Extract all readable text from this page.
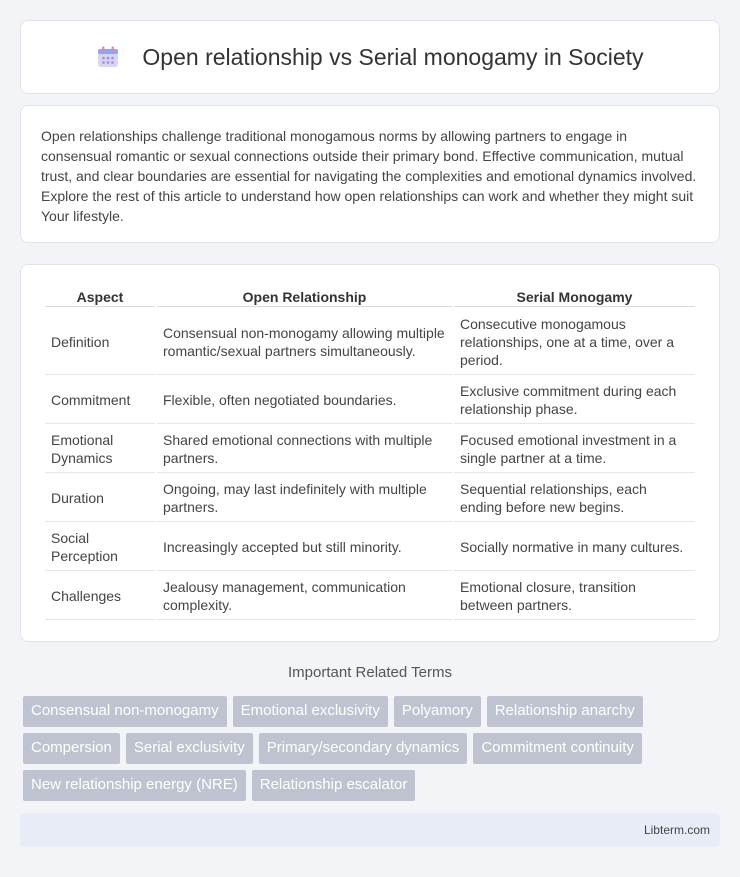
Open relationship vs Serial monogamy in Society

Open relationships challenge traditional monogamous norms by allowing partners to engage in consensual romantic or sexual connections outside their primary bond. Effective communication, mutual trust, and clear boundaries are essential for navigating the complexities and emotional dynamics involved. Explore the rest of this article to understand how open relationships can work and whether they might suit Your lifestyle.

Aspect	Open Relationship	Serial Monogamy
Definition	Consensual non-monogamy allowing multiple romantic/sexual partners simultaneously.	Consecutive monogamous relationships, one at a time, over a period.
Commitment	Flexible, often negotiated boundaries.	Exclusive commitment during each relationship phase.
Emotional Dynamics	Shared emotional connections with multiple partners.	Focused emotional investment in a single partner at a time.
Duration	Ongoing, may last indefinitely with multiple partners.	Sequential relationships, each ending before new begins.
Social Perception	Increasingly accepted but still minority.	Socially normative in many cultures.
Challenges	Jealousy management, communication complexity.	Emotional closure, transition between partners.
Important Related Terms
Consensual non-monogamy	Emotional exclusivity	Polyamory	Relationship anarchy
Compersion	Serial exclusivity	Primary/secondary dynamics	Commitment continuity
New relationship energy (NRE)	Relationship escalator
Libterm.com
